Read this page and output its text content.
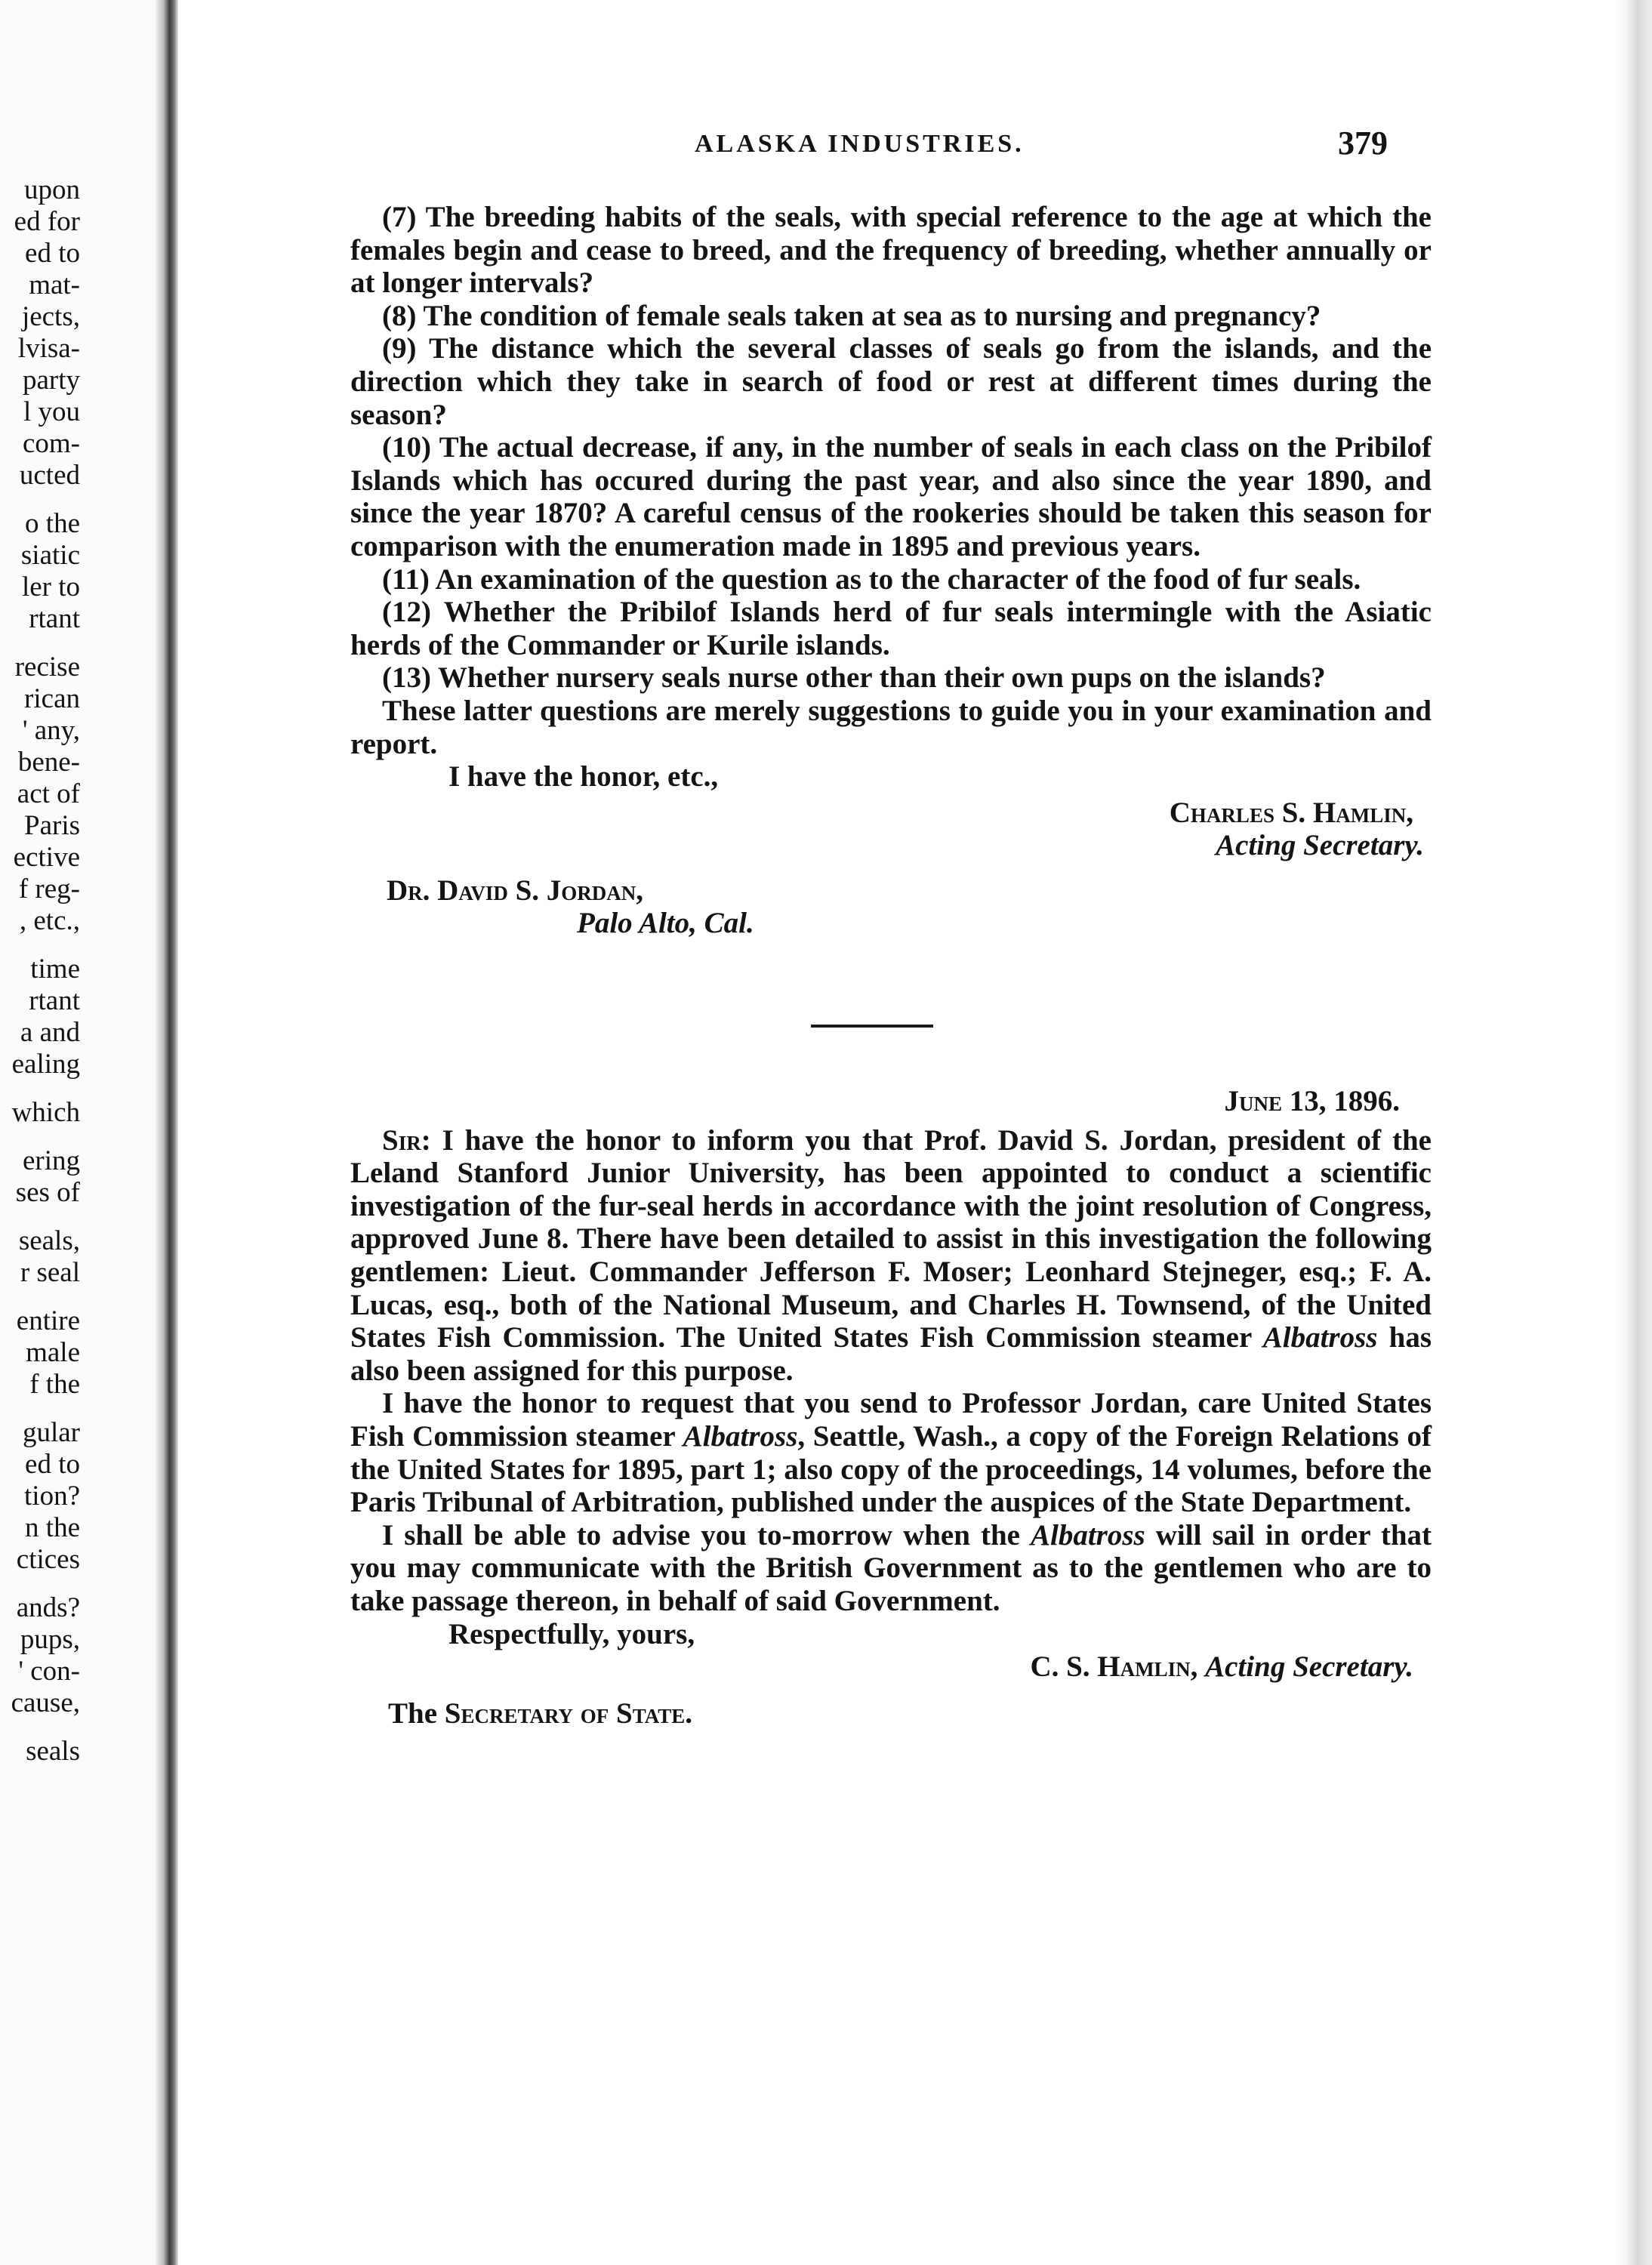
upon
ed for
ed to
mat-
jects,
lvisa-
party
l you
com-
ucted
o the
siatic
ler to
rtant
recise
rican
' any,
bene-
act of
Paris
ective
f reg-
, etc.,
time
rtant
a and
ealing
which
ering
ses of
seals,
r seal
entire
male
f the
gular
ed to
tion?
n the
ctices
ands?
pups,
' con-
cause,
seals
ALASKA INDUSTRIES.	379

(7) The breeding habits of the seals, with special reference to the age at which the females begin and cease to breed, and the frequency of breeding, whether annually or at longer intervals?

(8) The condition of female seals taken at sea as to nursing and pregnancy?

(9) The distance which the several classes of seals go from the islands, and the direction which they take in search of food or rest at different times during the season?

(10) The actual decrease, if any, in the number of seals in each class on the Pribilof Islands which has occured during the past year, and also since the year 1890, and since the year 1870? A careful census of the rookeries should be taken this season for comparison with the enumeration made in 1895 and previous years.

(11) An examination of the question as to the character of the food of fur seals.

(12) Whether the Pribilof Islands herd of fur seals intermingle with the Asiatic herds of the Commander or Kurile islands.

(13) Whether nursery seals nurse other than their own pups on the islands?

These latter questions are merely suggestions to guide you in your examination and report.

I have the honor, etc.,
Charles S. Hamlin,
Acting Secretary.
Dr. David S. Jordan,
Palo Alto, Cal.
June 13, 1896.

Sir: I have the honor to inform you that Prof. David S. Jordan, president of the Leland Stanford Junior University, has been appointed to conduct a scientific investigation of the fur-seal herds in accordance with the joint resolution of Congress, approved June 8. There have been detailed to assist in this investigation the following gentlemen: Lieut. Commander Jefferson F. Moser; Leonhard Stejneger, esq.; F. A. Lucas, esq., both of the National Museum, and Charles H. Townsend, of the United States Fish Commission. The United States Fish Commission steamer Albatross has also been assigned for this purpose.

I have the honor to request that you send to Professor Jordan, care United States Fish Commission steamer Albatross, Seattle, Wash., a copy of the Foreign Relations of the United States for 1895, part 1; also copy of the proceedings, 14 volumes, before the Paris Tribunal of Arbitration, published under the auspices of the State Department.

I shall be able to advise you to-morrow when the Albatross will sail in order that you may communicate with the British Government as to the gentlemen who are to take passage thereon, in behalf of said Government.

Respectfully, yours,
C. S. Hamlin, Acting Secretary.
The Secretary of State.
